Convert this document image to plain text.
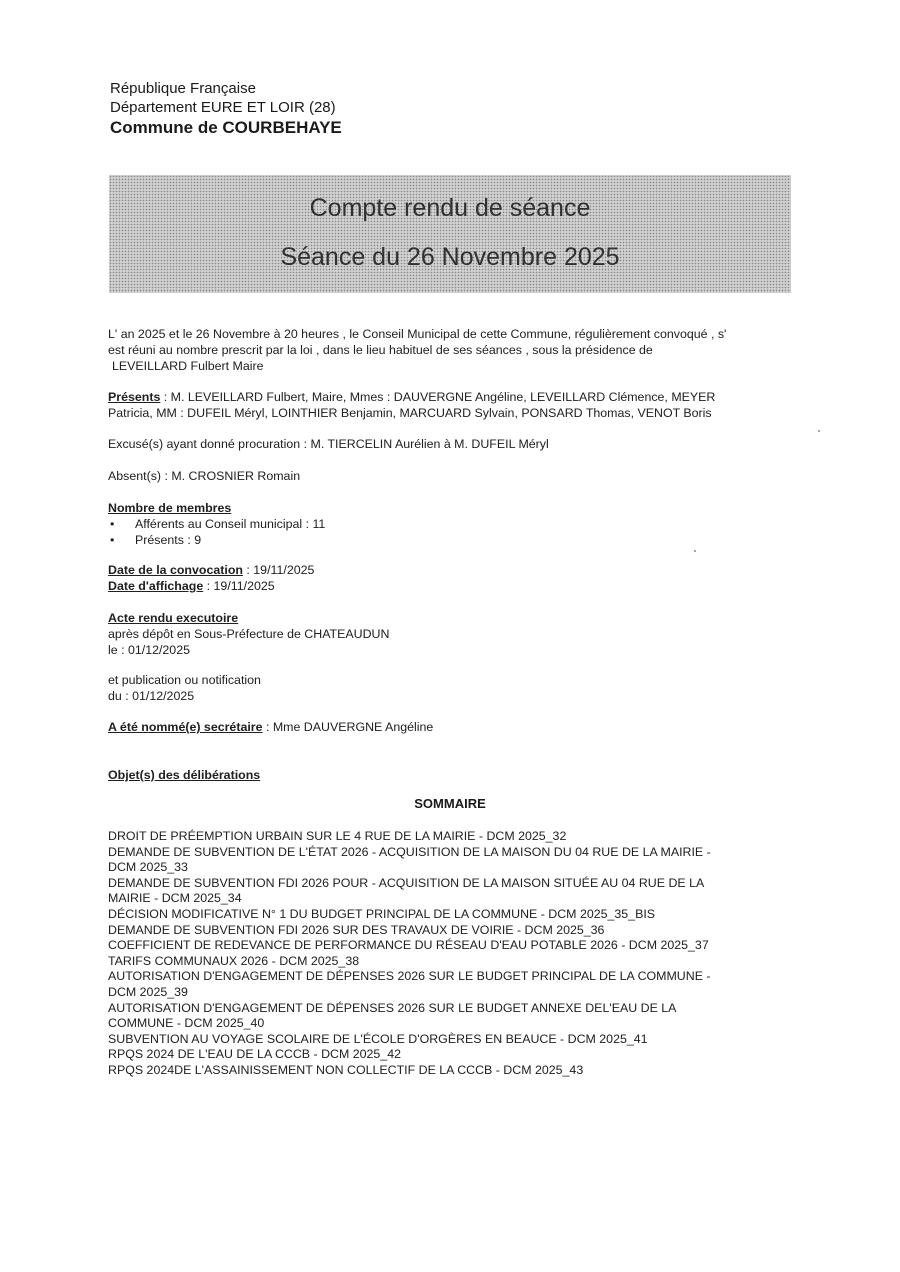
République Française
Département EURE ET LOIR (28)
Commune de COURBEHAYE
Compte rendu de séance
Séance du 26 Novembre 2025
L' an 2025 et le 26 Novembre à 20 heures , le Conseil Municipal de cette Commune, régulièrement convoqué , s'
est réuni au nombre prescrit par la loi , dans le lieu habituel de ses séances , sous la présidence de
LEVEILLARD Fulbert Maire
Présents : M. LEVEILLARD Fulbert, Maire, Mmes : DAUVERGNE Angéline, LEVEILLARD Clémence, MEYER
Patricia, MM : DUFEIL Méryl, LOINTHIER Benjamin, MARCUARD Sylvain, PONSARD Thomas, VENOT Boris
Excusé(s) ayant donné procuration : M. TIERCELIN Aurélien à M. DUFEIL Méryl
Absent(s) : M. CROSNIER Romain
Nombre de membres
• Afférents au Conseil municipal : 11
• Présents : 9
Date de la convocation : 19/11/2025
Date d'affichage : 19/11/2025
Acte rendu executoire
après dépôt en Sous-Préfecture de CHATEAUDUN
le : 01/12/2025
et publication ou notification
du : 01/12/2025
A été nommé(e) secrétaire : Mme DAUVERGNE Angéline
Objet(s) des délibérations
SOMMAIRE
DROIT DE PRÉEMPTION URBAIN SUR LE 4 RUE DE LA MAIRIE - DCM 2025_32
DEMANDE DE SUBVENTION DE L'ÉTAT 2026 - ACQUISITION DE LA MAISON DU 04 RUE DE LA MAIRIE -
DCM 2025_33
DEMANDE DE SUBVENTION FDI 2026 POUR - ACQUISITION DE LA MAISON SITUÉE AU 04 RUE DE LA
MAIRIE - DCM 2025_34
DÉCISION MODIFICATIVE N° 1 DU BUDGET PRINCIPAL DE LA COMMUNE - DCM 2025_35_BIS
DEMANDE DE SUBVENTION FDI 2026 SUR DES TRAVAUX DE VOIRIE - DCM 2025_36
COEFFICIENT DE REDEVANCE DE PERFORMANCE DU RÉSEAU D'EAU POTABLE 2026 - DCM 2025_37
TARIFS COMMUNAUX 2026 - DCM 2025_38
AUTORISATION D'ENGAGEMENT DE DÉPENSES 2026 SUR LE BUDGET PRINCIPAL DE LA COMMUNE -
DCM 2025_39
AUTORISATION D'ENGAGEMENT DE DÉPENSES 2026 SUR LE BUDGET ANNEXE DEL'EAU DE LA
COMMUNE - DCM 2025_40
SUBVENTION AU VOYAGE SCOLAIRE DE L'ÉCOLE D'ORGÈRES EN BEAUCE - DCM 2025_41
RPQS 2024 DE L'EAU DE LA CCCB - DCM 2025_42
RPQS 2024DE L'ASSAINISSEMENT NON COLLECTIF DE LA CCCB - DCM 2025_43
